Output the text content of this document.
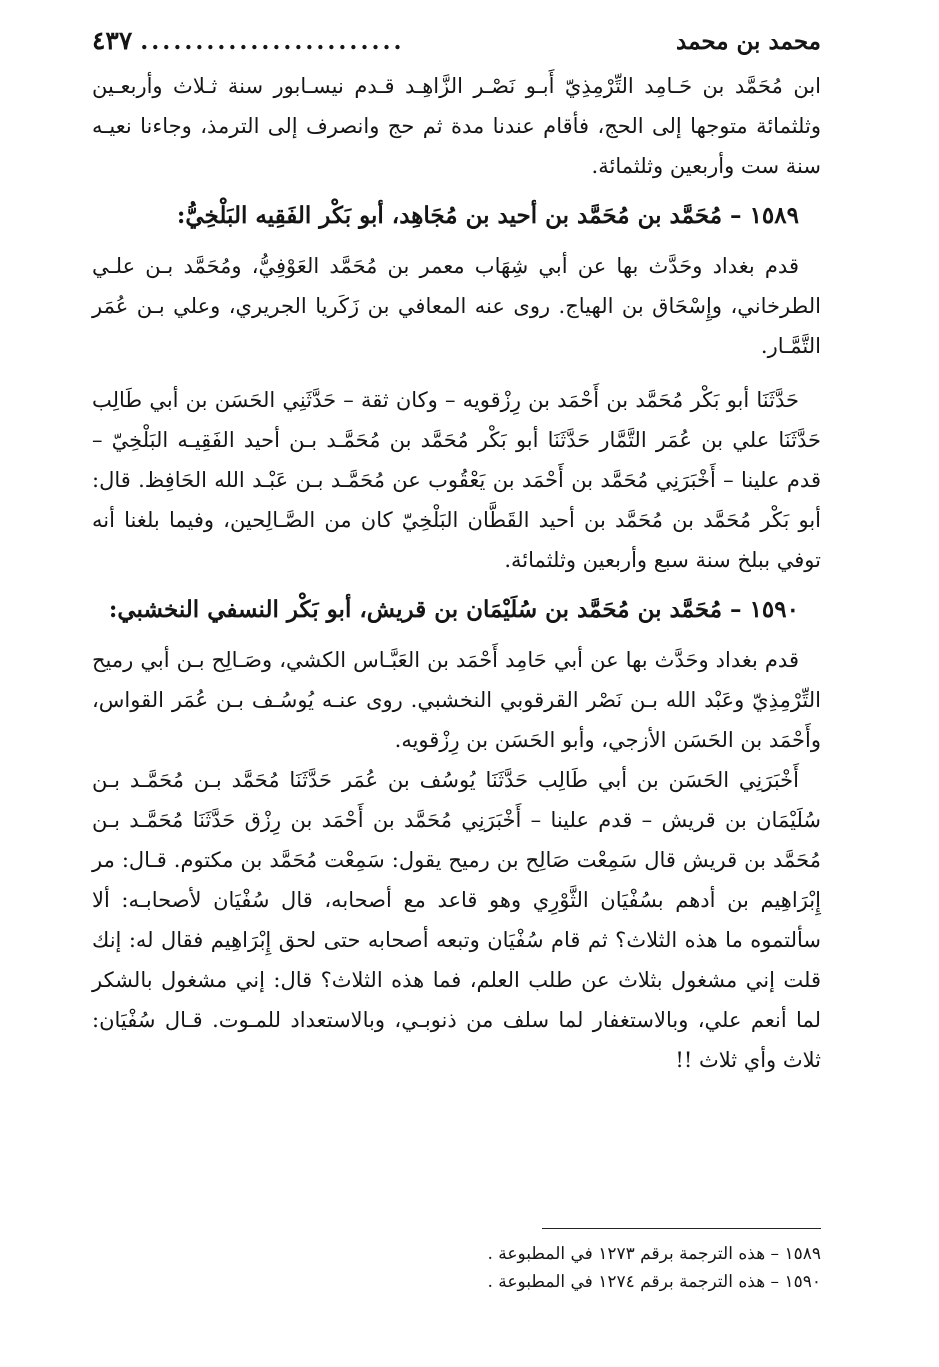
محمد بن محمد
........................
٤٣٧

ابن مُحَمَّد بن حَـامِد التِّرْمِذِيّ أَبـو نَصْـر الزَّاهِـد قـدم نيسـابور سنة ثـلاث وأربعـين وثلثمائة متوجها إلى الحج، فأقام عندنا مدة ثم حج وانصرف إلى الترمذ، وجاءنا نعيـه سنة ست وأربعين وثلثمائة.

١٥٨٩ – مُحَمَّد بن مُحَمَّد بن أحيد بن مُجَاهِد، أبو بَكْر الفَقِيه البَلْخِيُّ:

قدم بغداد وحَدَّث بها عن أبي شِهَاب معمر بن مُحَمَّد العَوْفِيُّ، ومُحَمَّد بـن علـي الطرخاني، وإِسْحَاق بن الهياج. روى عنه المعافي بن زَكَريا الجريري، وعلي بـن عُمَر التَّمَّـار.

حَدَّثَنَا أبو بَكْر مُحَمَّد بن أَحْمَد بن رِزْقويه – وكان ثقة – حَدَّثَنِي الحَسَن بن أبي طَالِب حَدَّثَنَا علي بن عُمَر التَّمَّار حَدَّثَنَا أبو بَكْر مُحَمَّد بن مُحَمَّـد بـن أحيد الفَقِيـه البَلْخِيّ – قدم علينا – أَخْبَرَنِي مُحَمَّد بن أَحْمَد بن يَعْقُوب عن مُحَمَّـد بـن عَبْـد الله الحَافِظ. قال: أبو بَكْر مُحَمَّد بن مُحَمَّد بن أحيد القَطَّان البَلْخِيّ كان من الصَّـالِحين، وفيما بلغنا أنه توفي ببلخ سنة سبع وأربعين وثلثمائة.

١٥٩٠ – مُحَمَّد بن مُحَمَّد بن سُلَيْمَان بن قريش، أبو بَكْر النسفي النخشبي:

قدم بغداد وحَدَّث بها عن أبي حَامِد أَحْمَد بن العَبَّـاس الكشي، وصَـالِح بـن أبي رميح التِّرْمِذِيّ وعَبْد الله بـن نَصْر القرقوبي النخشبي. روى عنـه يُوسُـف بـن عُمَر القواس، وأَحْمَد بن الحَسَن الأزجي، وأبو الحَسَن بن رِزْقويه.

أَخْبَرَنِي الحَسَن بن أبي طَالِب حَدَّثَنَا يُوسُف بن عُمَر حَدَّثَنَا مُحَمَّد بـن مُحَمَّـد بـن سُلَيْمَان بن قريش – قدم علينا – أَخْبَرَنِي مُحَمَّد بن أَحْمَد بن رِزْق حَدَّثَنَا مُحَمَّـد بـن مُحَمَّد بن قريش قال سَمِعْت صَالِح بن رميح يقول: سَمِعْت مُحَمَّد بن مكتوم. قـال: مر إِبْرَاهِيم بن أدهم بسُفْيَان الثَّوْرِي وهو قاعد مع أصحابه، قال سُفْيَان لأصحابـه: ألا سألتموه ما هذه الثلاث؟ ثم قام سُفْيَان وتبعه أصحابه حتى لحق إِبْرَاهِيم فقال له: إنك قلت إني مشغول بثلاث عن طلب العلم، فما هذه الثلاث؟ قال: إني مشغول بالشكر لما أنعم علي، وبالاستغفار لما سلف من ذنوبـي، وبالاستعداد للمـوت. قـال سُفْيَان: ثلاث وأي ثلاث !!

١٥٨٩ – هذه الترجمة برقم ١٢٧٣ في المطبوعة .
١٥٩٠ – هذه الترجمة برقم ١٢٧٤ في المطبوعة .
